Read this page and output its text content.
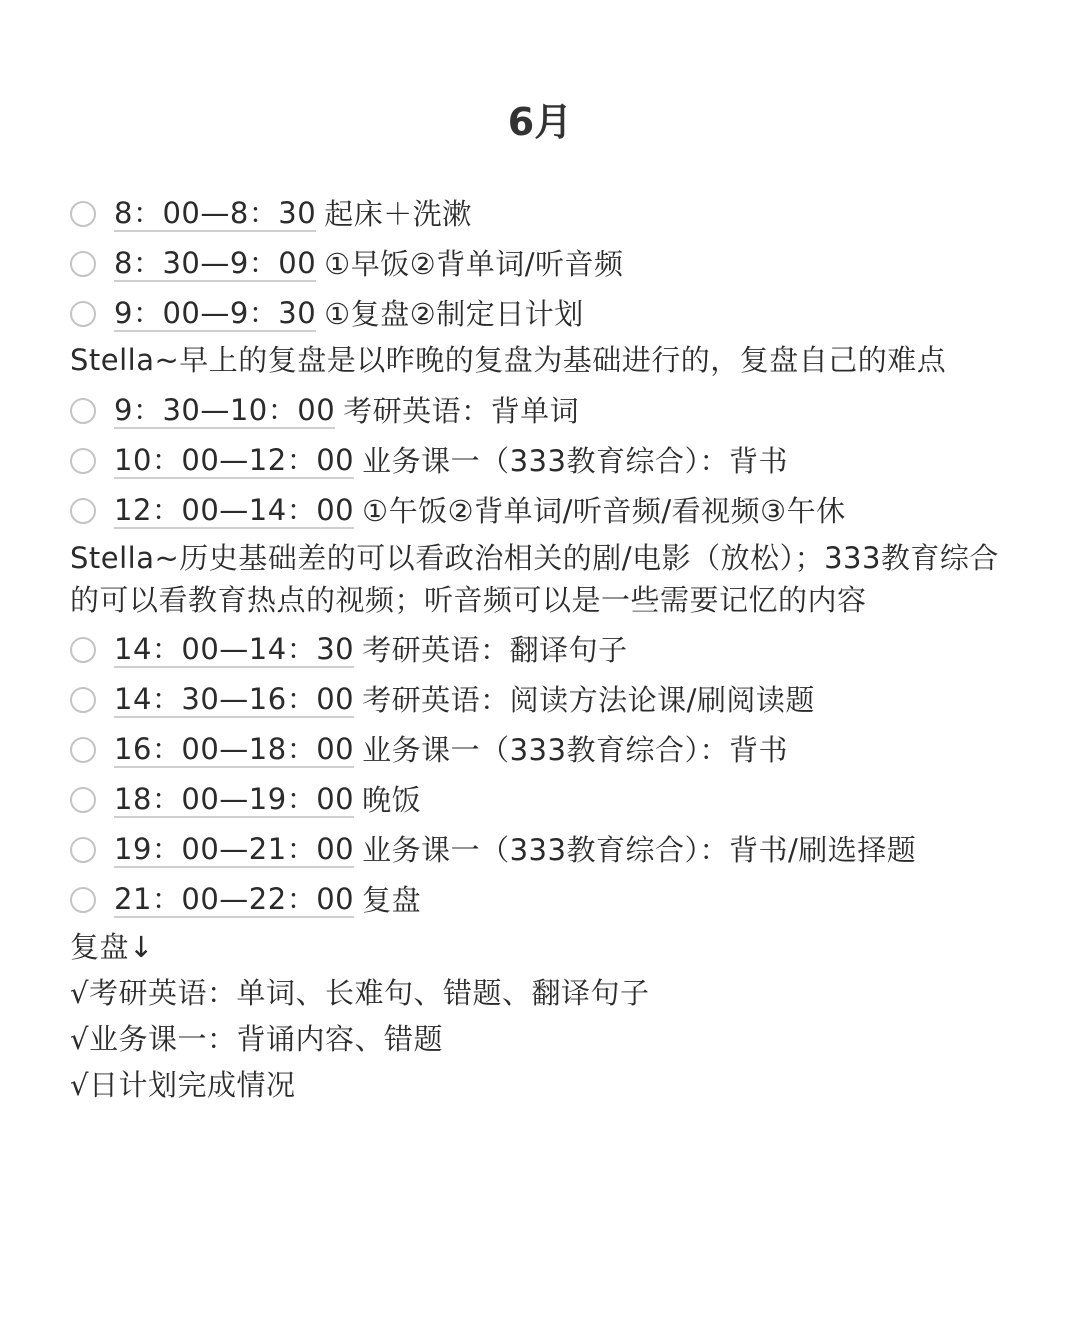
6月
8：00—8：30 起床＋洗漱
8：30—9：00 ①早饭②背单词/听音频
9：00—9：30 ①复盘②制定日计划
Stella~早上的复盘是以昨晚的复盘为基础进行的，复盘自己的难点
9：30—10：00 考研英语：背单词
10：00—12：00 业务课一（333教育综合）：背书
12：00—14：00 ①午饭②背单词/听音频/看视频③午休
Stella~历史基础差的可以看政治相关的剧/电影（放松）；333教育综合的可以看教育热点的视频；听音频可以是一些需要记忆的内容
14：00—14：30 考研英语：翻译句子
14：30—16：00 考研英语：阅读方法论课/刷阅读题
16：00—18：00 业务课一（333教育综合）：背书
18：00—19：00 晚饭
19：00—21：00 业务课一（333教育综合）：背书/刷选择题
21：00—22：00 复盘
复盘↓
√考研英语：单词、长难句、错题、翻译句子
√业务课一：背诵内容、错题
√日计划完成情况
